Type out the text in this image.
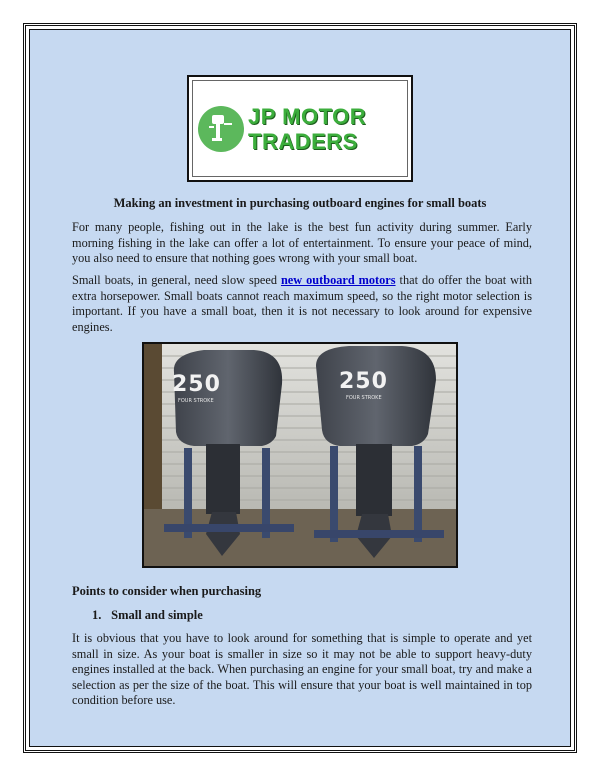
JP MOTOR
TRADERS
Making an investment in purchasing outboard engines for small boats

For many people, fishing out in the lake is the best fun activity during summer. Early morning fishing in the lake can offer a lot of entertainment. To ensure your peace of mind, you also need to ensure that nothing goes wrong with your small boat.

Small boats, in general, need slow speed new outboard motors that do offer the boat with extra horsepower. Small boats cannot reach maximum speed, so the right motor selection is important. If you have a small boat, then it is not necessary to look around for expensive engines.

250
FOUR STROKE
250
FOUR STROKE
Points to consider when purchasing
1. Small and simple

It is obvious that you have to look around for something that is simple to operate and yet small in size. As your boat is smaller in size so it may not be able to support heavy-duty engines installed at the back. When purchasing an engine for your small boat, try and make a selection as per the size of the boat. This will ensure that your boat is well maintained in top condition before use.
